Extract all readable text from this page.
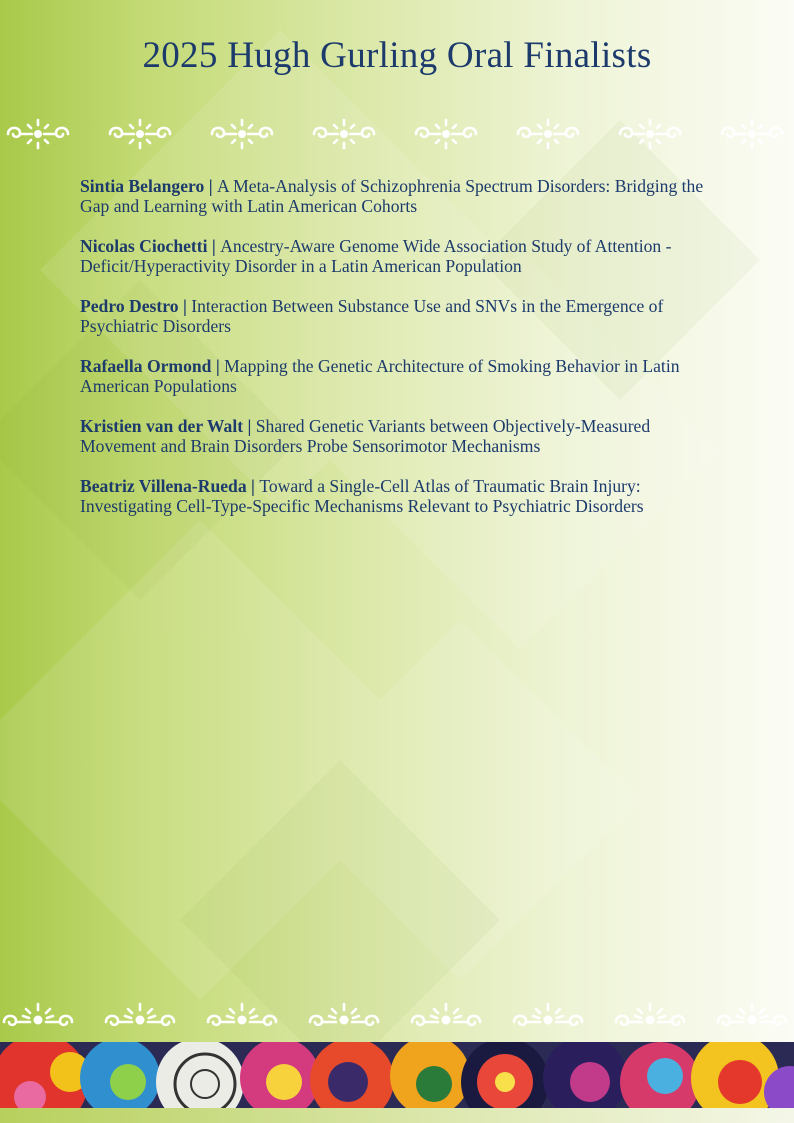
2025 Hugh Gurling Oral Finalists

Sintia Belangero | A Meta-Analysis of Schizophrenia Spectrum Disorders: Bridging the Gap and Learning with Latin American Cohorts

Nicolas Ciochetti | Ancestry-Aware Genome Wide Association Study of Attention - Deficit/Hyperactivity Disorder in a Latin American Population

Pedro Destro | Interaction Between Substance Use and SNVs in the Emergence of Psychiatric Disorders

Rafaella Ormond | Mapping the Genetic Architecture of Smoking Behavior in Latin American Populations

Kristien van der Walt | Shared Genetic Variants between Objectively-Measured Movement and Brain Disorders Probe Sensorimotor Mechanisms

Beatriz Villena-Rueda | Toward a Single-Cell Atlas of Traumatic Brain Injury: Investigating Cell-Type-Specific Mechanisms Relevant to Psychiatric Disorders
